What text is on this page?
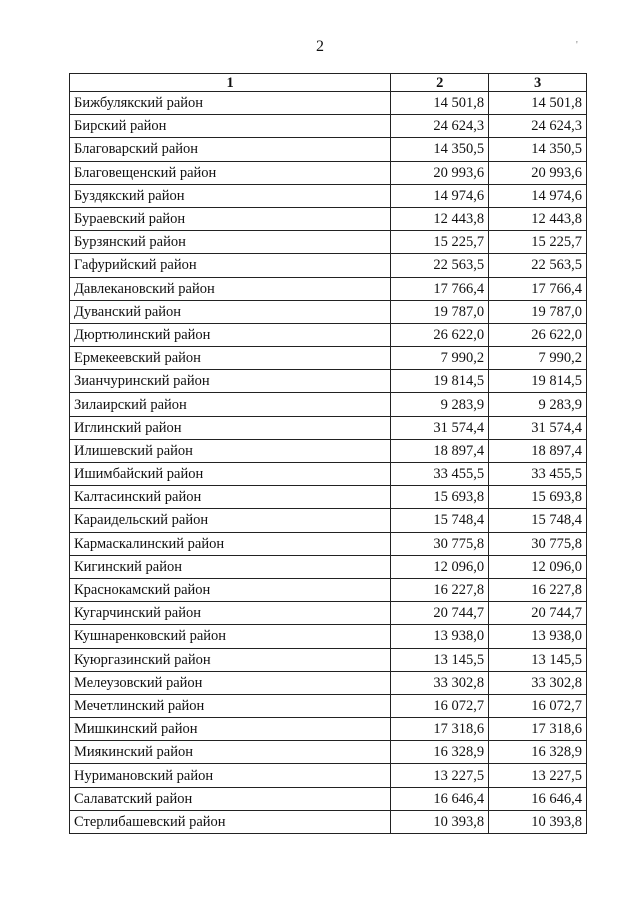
2	'
1	2	3
Бижбулякский район	14 501,8	14 501,8
Бирский район	24 624,3	24 624,3
Благоварский район	14 350,5	14 350,5
Благовещенский район	20 993,6	20 993,6
Буздякский район	14 974,6	14 974,6
Бураевский район	12 443,8	12 443,8
Бурзянский район	15 225,7	15 225,7
Гафурийский район	22 563,5	22 563,5
Давлекановский район	17 766,4	17 766,4
Дуванский район	19 787,0	19 787,0
Дюртюлинский район	26 622,0	26 622,0
Ермекеевский район	7 990,2	7 990,2
Зианчуринский район	19 814,5	19 814,5
Зилаирский район	9 283,9	9 283,9
Иглинский район	31 574,4	31 574,4
Илишевский район	18 897,4	18 897,4
Ишимбайский район	33 455,5	33 455,5
Калтасинский район	15 693,8	15 693,8
Караидельский район	15 748,4	15 748,4
Кармаскалинский район	30 775,8	30 775,8
Кигинский район	12 096,0	12 096,0
Краснокамский район	16 227,8	16 227,8
Кугарчинский район	20 744,7	20 744,7
Кушнаренковский район	13 938,0	13 938,0
Куюргазинский район	13 145,5	13 145,5
Мелеузовский район	33 302,8	33 302,8
Мечетлинский район	16 072,7	16 072,7
Мишкинский район	17 318,6	17 318,6
Миякинский район	16 328,9	16 328,9
Нуримановский район	13 227,5	13 227,5
Салаватский район	16 646,4	16 646,4
Стерлибашевский район	10 393,8	10 393,8
